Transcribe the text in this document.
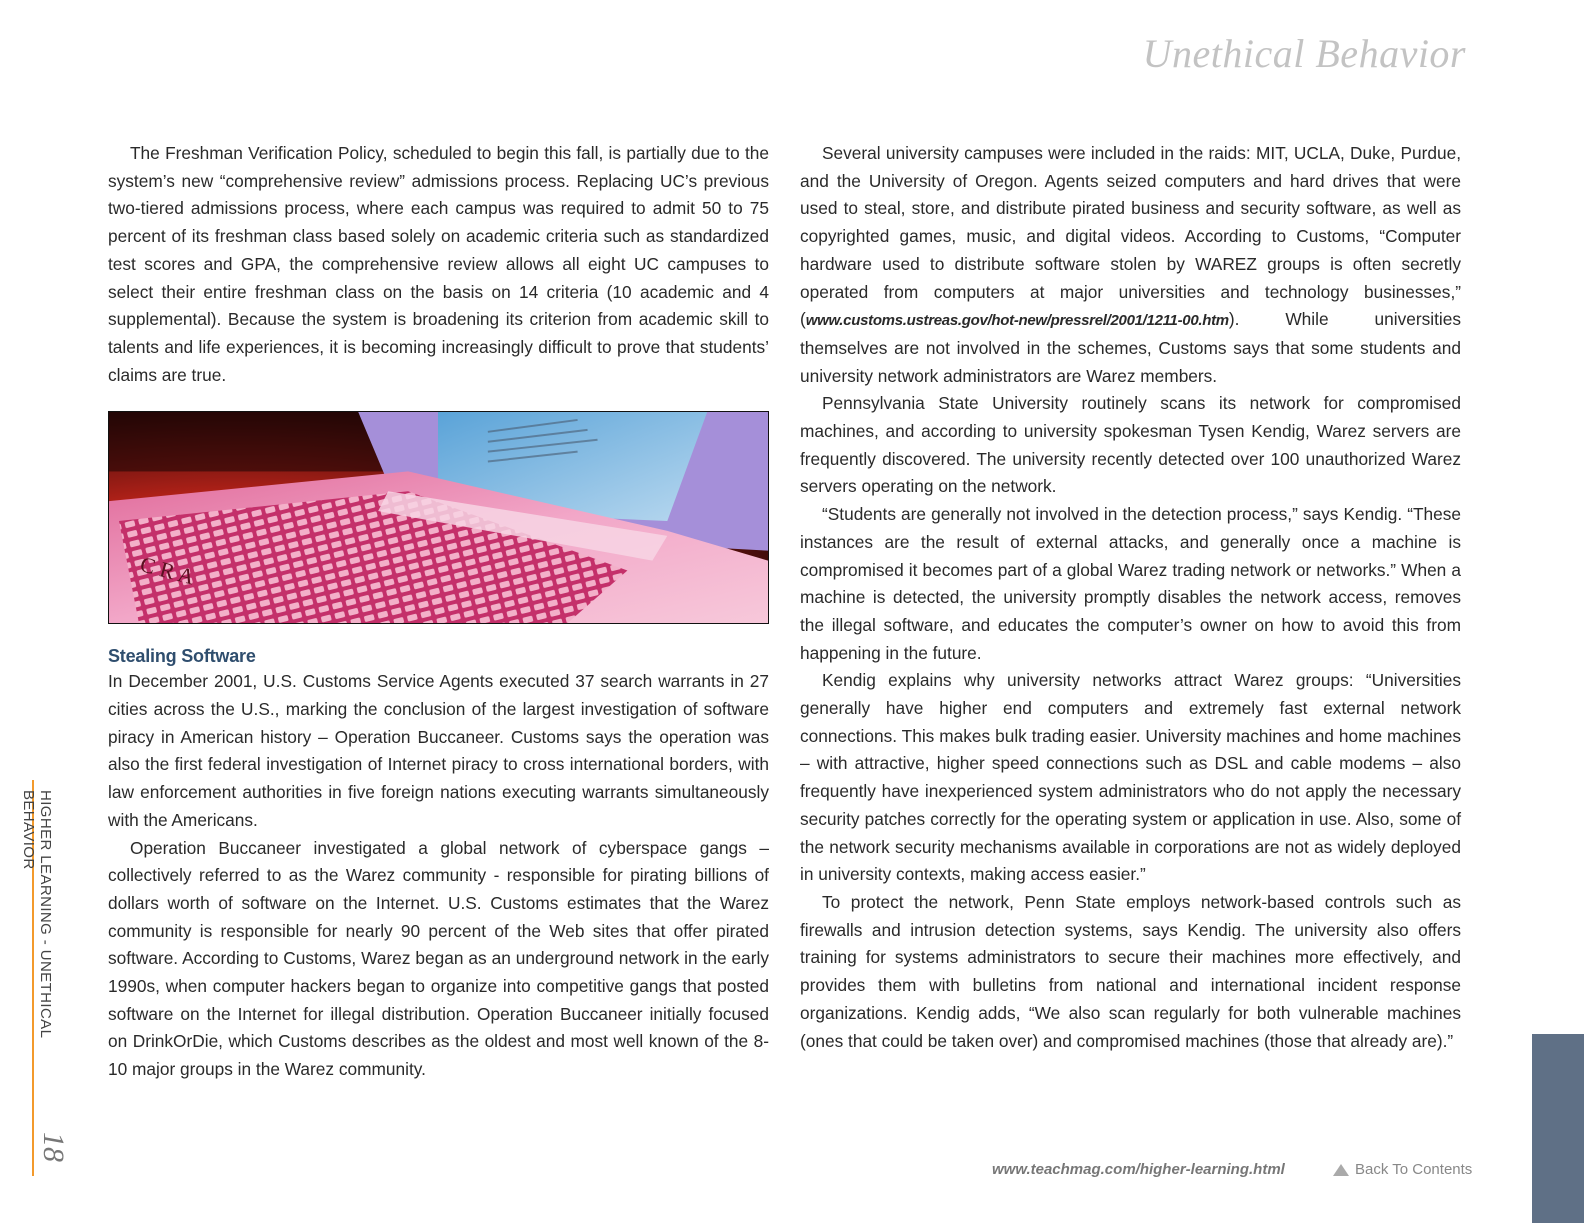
Unethical Behavior

The Freshman Verification Policy, scheduled to begin this fall, is partially due to the system’s new “comprehensive review” admissions process. Replacing UC’s previous two-tiered admissions process, where each campus was required to admit 50 to 75 percent of its freshman class based solely on academic criteria such as standardized test scores and GPA, the comprehensive review allows all eight UC campuses to select their entire freshman class on the basis on 14 criteria (10 academic and 4 supplemental). Because the system is broadening its criterion from academic skill to talents and life experiences, it is becoming increasingly difficult to prove that students’ claims are true.

C R A
Stealing Software

In December 2001, U.S. Customs Service Agents executed 37 search warrants in 27 cities across the U.S., marking the conclusion of the largest investigation of software piracy in American history – Operation Buccaneer. Customs says the operation was also the first federal investigation of Internet piracy to cross international borders, with law enforcement authorities in five foreign nations executing warrants simultaneously with the Americans.

Operation Buccaneer investigated a global network of cyberspace gangs – collectively referred to as the Warez community - responsible for pirating billions of dollars worth of software on the Internet. U.S. Customs estimates that the Warez community is responsible for nearly 90 percent of the Web sites that offer pirated software. According to Customs, Warez began as an underground network in the early 1990s, when computer hackers began to organize into competitive gangs that posted software on the Internet for illegal distribution. Operation Buccaneer initially focused on DrinkOrDie, which Customs describes as the oldest and most well known of the 8-10 major groups in the Warez community.

Several university campuses were included in the raids: MIT, UCLA, Duke, Purdue, and the University of Oregon. Agents seized computers and hard drives that were used to steal, store, and distribute pirated business and security software, as well as copyrighted games, music, and digital videos. According to Customs, “Computer hardware used to distribute software stolen by WAREZ groups is often secretly operated from computers at major universities and technology businesses,” (www.customs.ustreas.gov/hot-new/pressrel/2001/1211-00.htm). While universities themselves are not involved in the schemes, Customs says that some students and university network administrators are Warez members.

Pennsylvania State University routinely scans its network for compromised machines, and according to university spokesman Tysen Kendig, Warez servers are frequently discovered. The university recently detected over 100 unauthorized Warez servers operating on the network.

“Students are generally not involved in the detection process,” says Kendig. “These instances are the result of external attacks, and generally once a machine is compromised it becomes part of a global Warez trading network or networks.” When a machine is detected, the university promptly disables the network access, removes the illegal software, and educates the computer’s owner on how to avoid this from happening in the future.

Kendig explains why university networks attract Warez groups: “Universities generally have higher end computers and extremely fast external network connections. This makes bulk trading easier. University machines and home machines – with attractive, higher speed connections such as DSL and cable modems – also frequently have inexperienced system administrators who do not apply the necessary security patches correctly for the operating system or application in use. Also, some of the network security mechanisms available in corporations are not as widely deployed in university contexts, making access easier.”

To protect the network, Penn State employs network-based controls such as firewalls and intrusion detection systems, says Kendig. The university also offers training for systems administrators to secure their machines more effectively, and provides them with bulletins from national and international incident response organizations. Kendig adds, “We also scan regularly for both vulnerable machines (ones that could be taken over) and compromised machines (those that already are).”

HIGHER LEARNING - UNETHICAL BEHAVIOR
18
www.teachmag.com/higher-learning.html	Back To Contents
